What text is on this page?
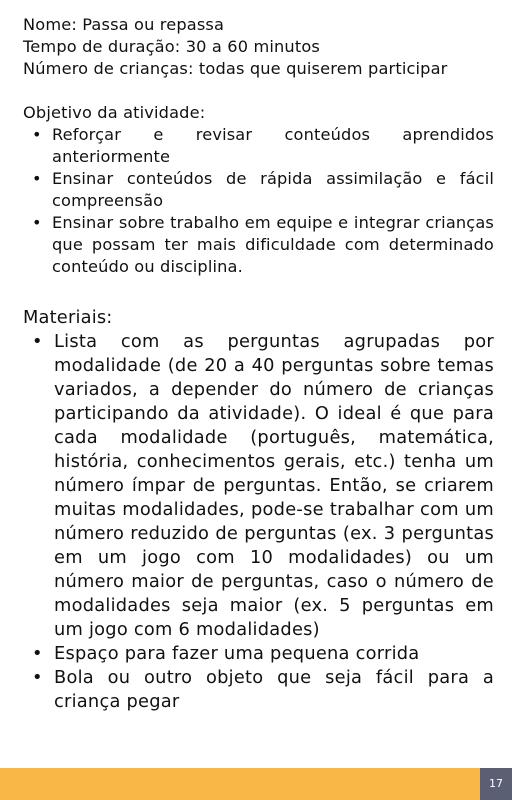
Nome: Passa ou repassa
Tempo de duração: 30 a 60 minutos
Número de crianças: todas que quiserem participar
Objetivo da atividade:
• Reforçar e revisar conteúdos aprendidos anteriormente
• Ensinar conteúdos de rápida assimilação e fácil compreensão
• Ensinar sobre trabalho em equipe e integrar crianças que possam ter mais dificuldade com determinado conteúdo ou disciplina.
Materiais:
• Lista com as perguntas agrupadas por modalidade (de 20 a 40 perguntas sobre temas variados, a depender do número de crianças participando da atividade). O ideal é que para cada modalidade (português, matemática, história, conhecimentos gerais, etc.) tenha um número ímpar de perguntas. Então, se criarem muitas modalidades, pode-se trabalhar com um número reduzido de perguntas (ex. 3 perguntas em um jogo com 10 modalidades) ou um número maior de perguntas, caso o número de modalidades seja maior (ex. 5 perguntas em um jogo com 6 modalidades)
• Espaço para fazer uma pequena corrida
• Bola ou outro objeto que seja fácil para a criança pegar
17
